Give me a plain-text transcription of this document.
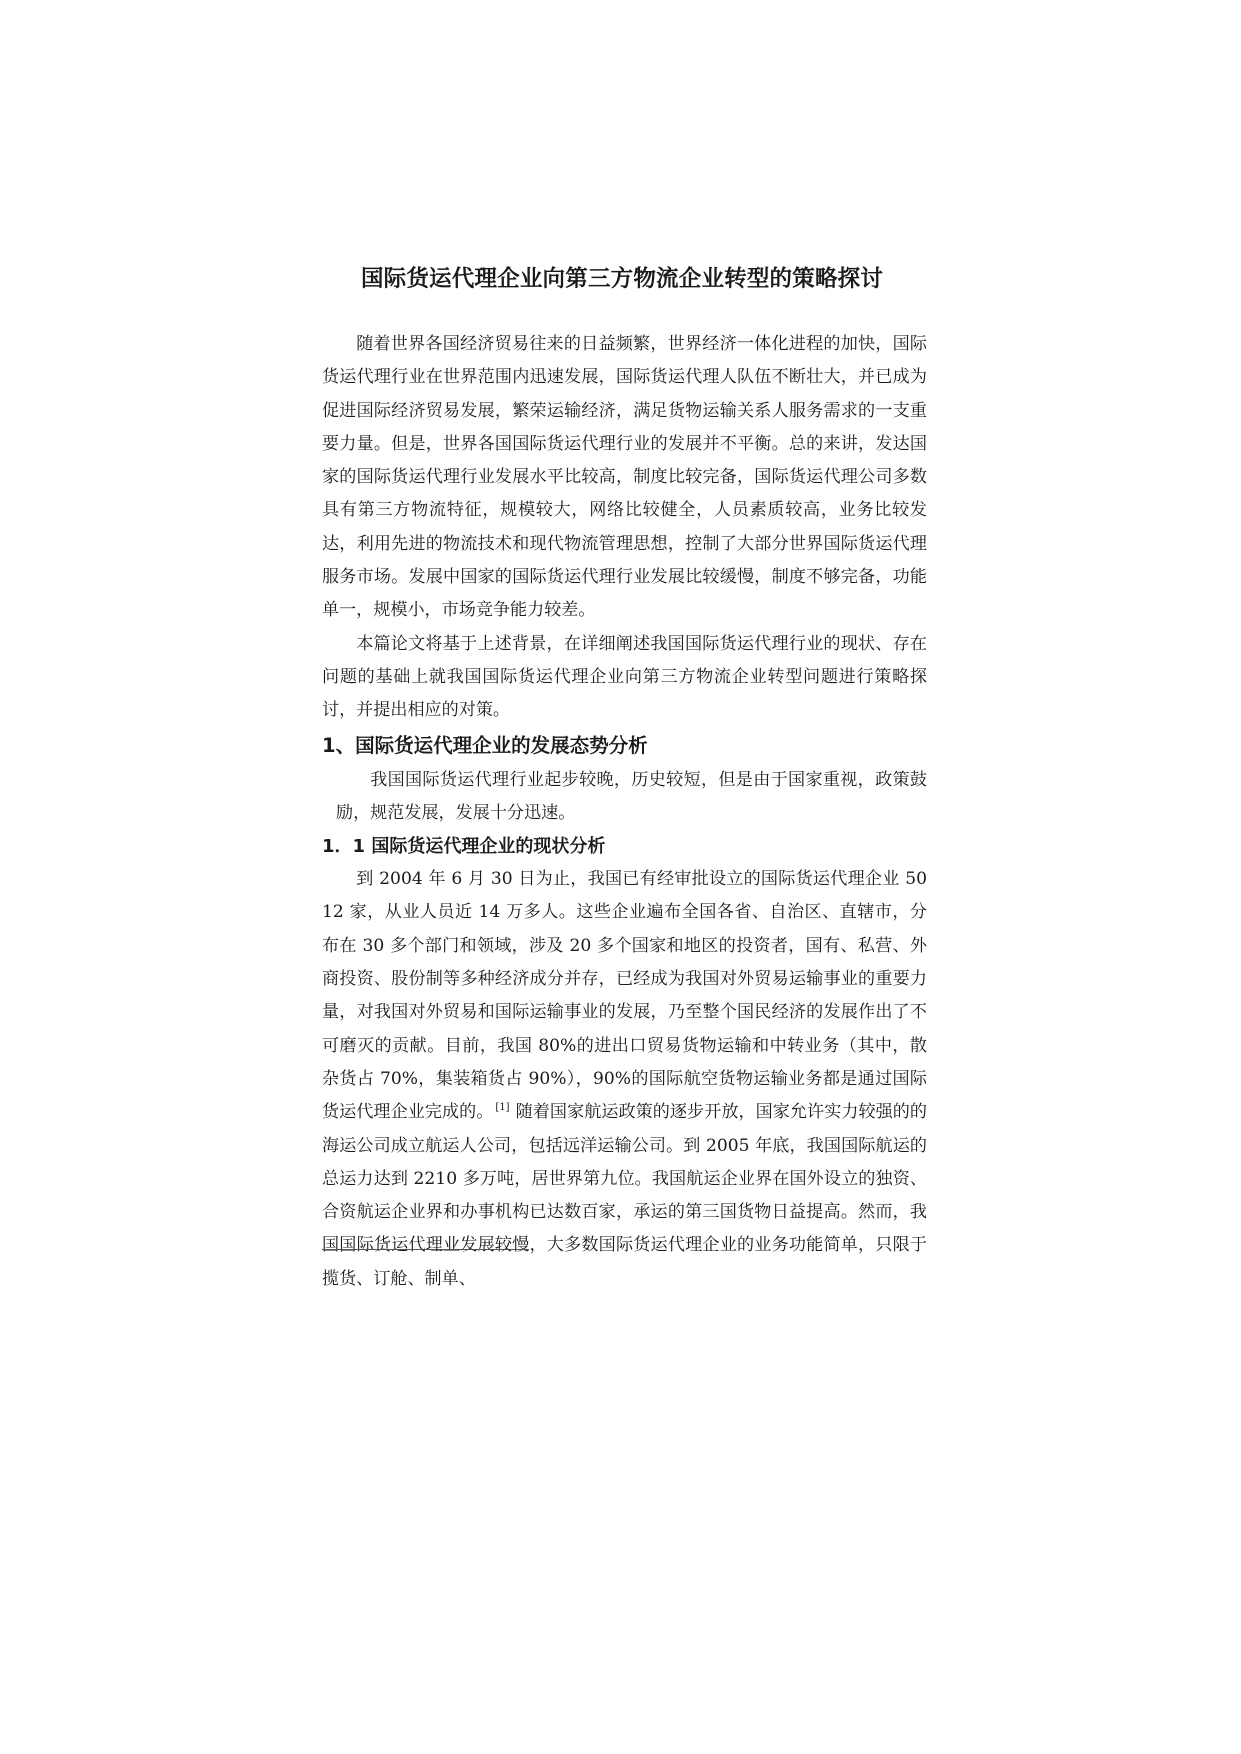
国际货运代理企业向第三方物流企业转型的策略探讨

随着世界各国经济贸易往来的日益频繁，世界经济一体化进程的加快，国际货运代理行业在世界范围内迅速发展，国际货运代理人队伍不断壮大，并已成为促进国际经济贸易发展，繁荣运输经济，满足货物运输关系人服务需求的一支重要力量。但是，世界各国国际货运代理行业的发展并不平衡。总的来讲，发达国家的国际货运代理行业发展水平比较高，制度比较完备，国际货运代理公司多数具有第三方物流特征，规模较大，网络比较健全，人员素质较高，业务比较发达，利用先进的物流技术和现代物流管理思想，控制了大部分世界国际货运代理服务市场。发展中国家的国际货运代理行业发展比较缓慢，制度不够完备，功能单一，规模小，市场竞争能力较差。

本篇论文将基于上述背景，在详细阐述我国国际货运代理行业的现状、存在问题的基础上就我国国际货运代理企业向第三方物流企业转型问题进行策略探讨，并提出相应的对策。

1、国际货运代理企业的发展态势分析

我国国际货运代理行业起步较晚，历史较短，但是由于国家重视，政策鼓励，规范发展，发展十分迅速。

1．1 国际货运代理企业的现状分析

到 2004 年 6 月 30 日为止，我国已有经审批设立的国际货运代理企业 5012 家，从业人员近 14 万多人。这些企业遍布全国各省、自治区、直辖市，分布在 30 多个部门和领域，涉及 20 多个国家和地区的投资者，国有、私营、外商投资、股份制等多种经济成分并存，已经成为我国对外贸易运输事业的重要力量，对我国对外贸易和国际运输事业的发展，乃至整个国民经济的发展作出了不可磨灭的贡献。目前，我国 80%的进出口贸易货物运输和中转业务（其中，散杂货占 70%，集装箱货占 90%），90%的国际航空货物运输业务都是通过国际货运代理企业完成的。 [1] 随着国家航运政策的逐步开放，国家允许实力较强的的海运公司成立航运人公司，包括远洋运输公司。到 2005 年底，我国国际航运的总运力达到 2210 多万吨，居世界第九位。我国航运企业界在国外设立的独资、合资航运企业界和办事机构已达数百家，承运的第三国货物日益提高。然而，我国国际货运代理业发展较慢，大多数国际货运代理企业的业务功能简单，只限于揽货、订舱、制单、
